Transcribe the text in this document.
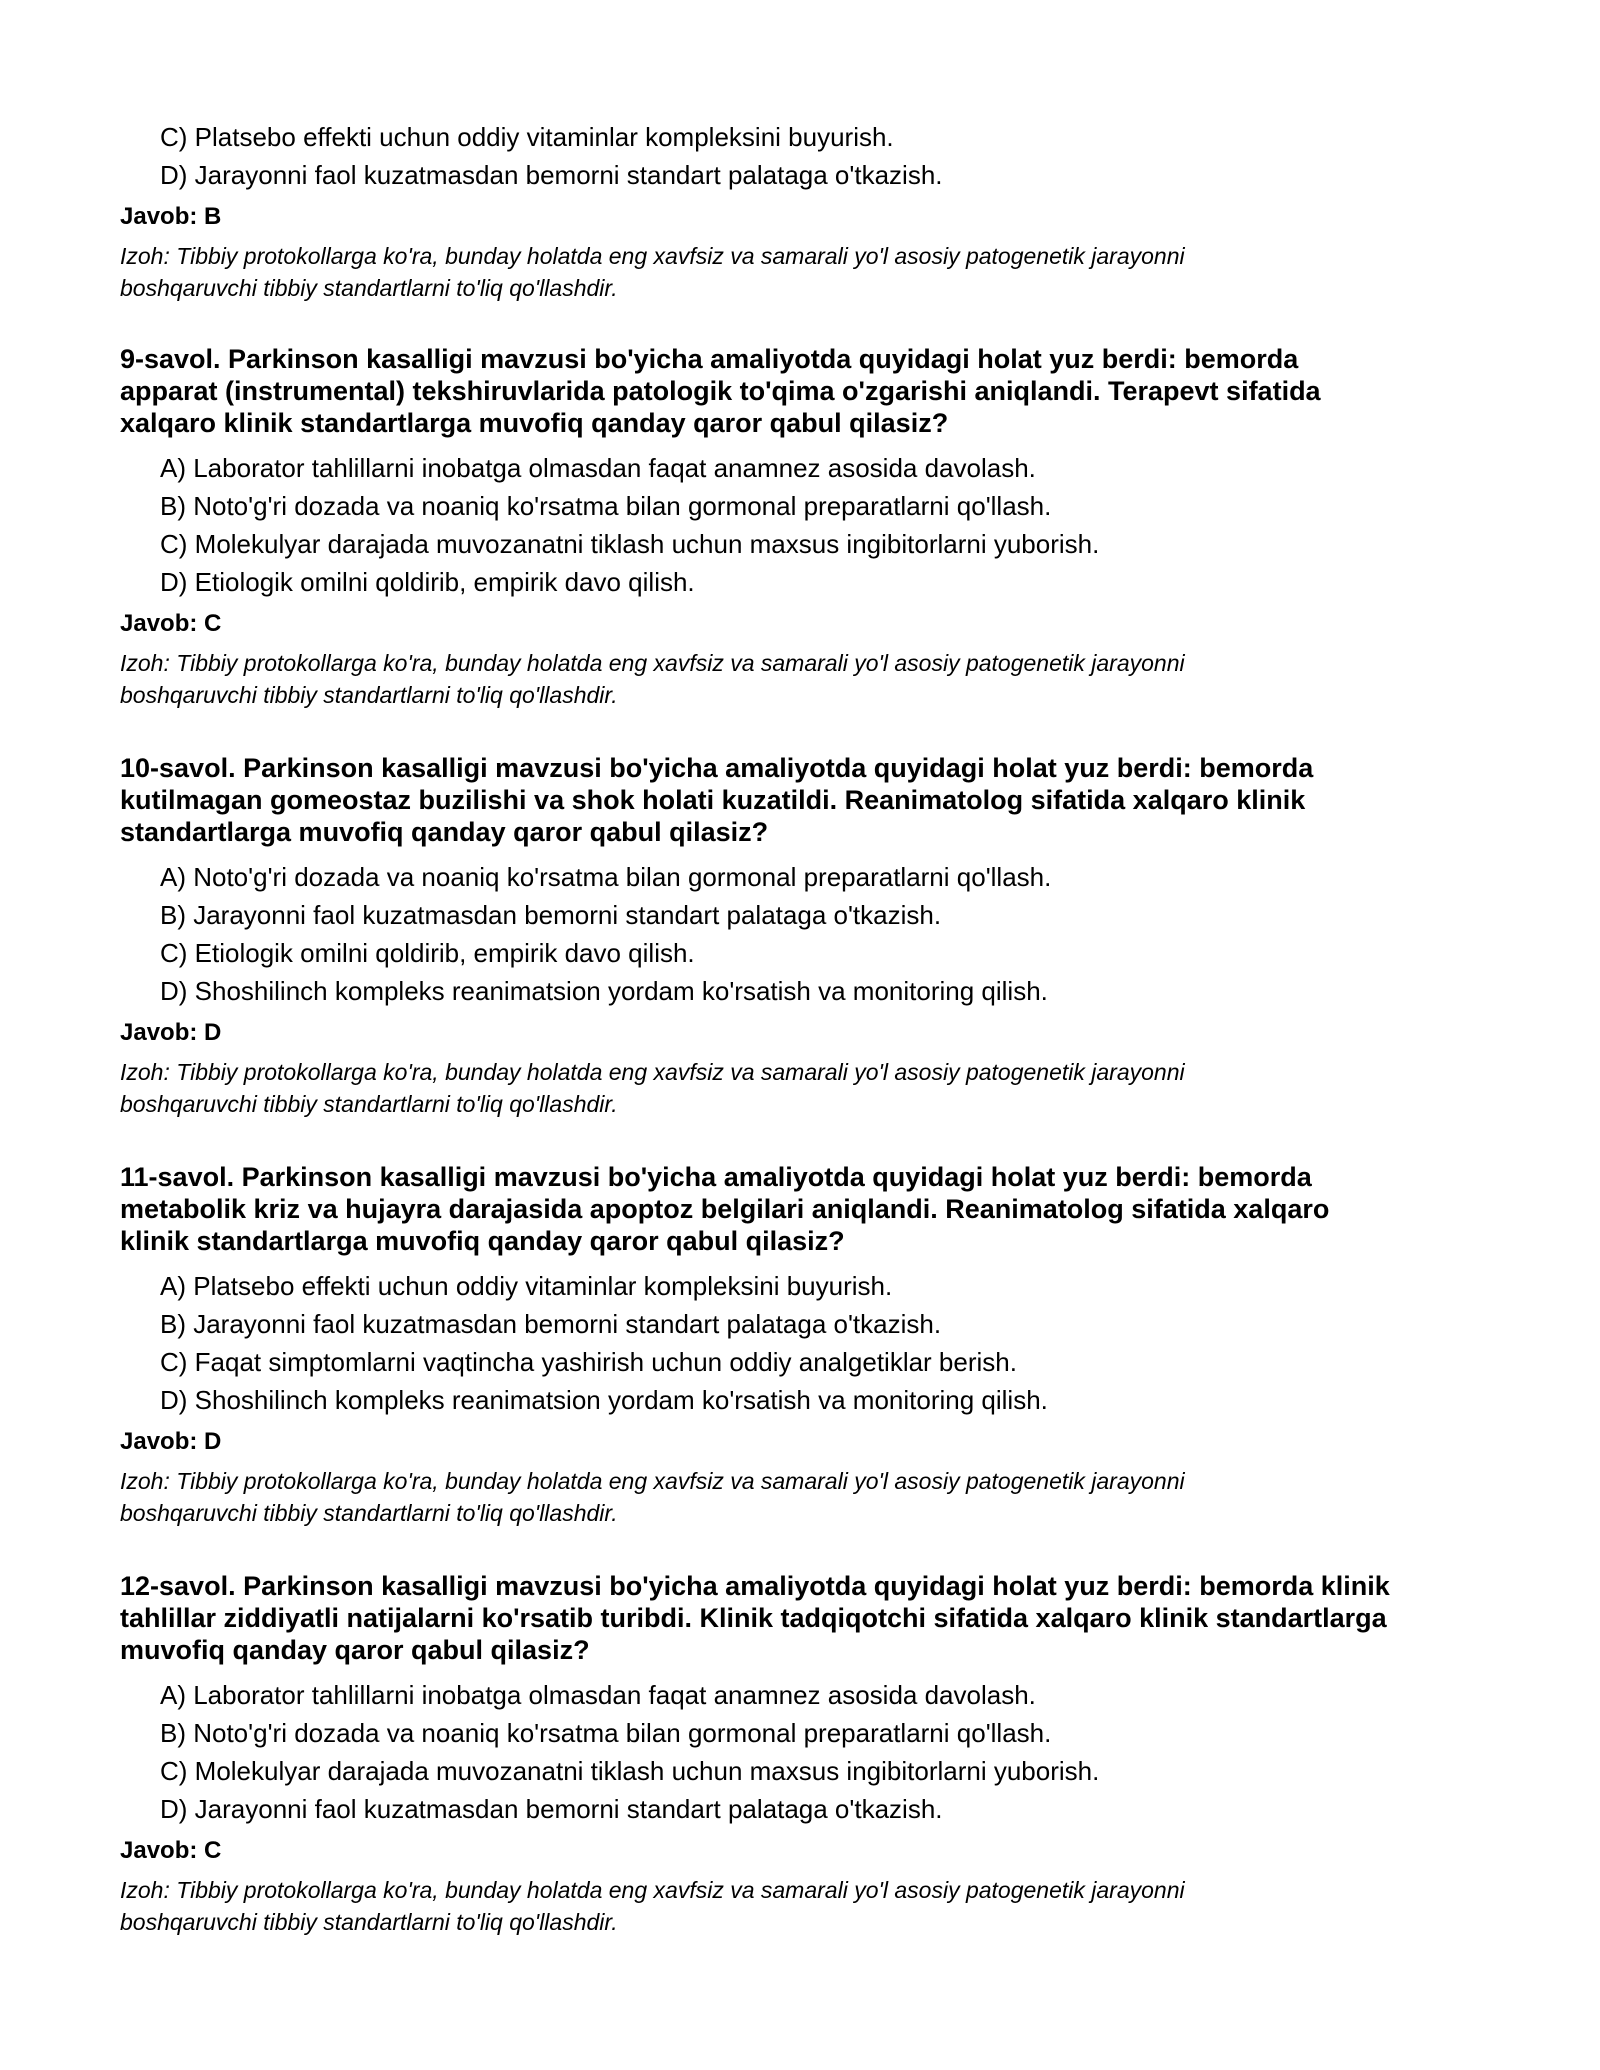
C) Platsebo effekti uchun oddiy vitaminlar kompleksini buyurish.
D) Jarayonni faol kuzatmasdan bemorni standart palataga o'tkazish.
Javob: B
Izoh: Tibbiy protokollarga ko'ra, bunday holatda eng xavfsiz va samarali yo'l asosiy patogenetik jarayonni
boshqaruvchi tibbiy standartlarni to'liq qo'llashdir.
9-savol. Parkinson kasalligi mavzusi bo'yicha amaliyotda quyidagi holat yuz berdi: bemorda
apparat (instrumental) tekshiruvlarida patologik to'qima o'zgarishi aniqlandi. Terapevt sifatida
xalqaro klinik standartlarga muvofiq qanday qaror qabul qilasiz?
A) Laborator tahlillarni inobatga olmasdan faqat anamnez asosida davolash.
B) Noto'g'ri dozada va noaniq ko'rsatma bilan gormonal preparatlarni qo'llash.
C) Molekulyar darajada muvozanatni tiklash uchun maxsus ingibitorlarni yuborish.
D) Etiologik omilni qoldirib, empirik davo qilish.
Javob: C
Izoh: Tibbiy protokollarga ko'ra, bunday holatda eng xavfsiz va samarali yo'l asosiy patogenetik jarayonni
boshqaruvchi tibbiy standartlarni to'liq qo'llashdir.
10-savol. Parkinson kasalligi mavzusi bo'yicha amaliyotda quyidagi holat yuz berdi: bemorda
kutilmagan gomeostaz buzilishi va shok holati kuzatildi. Reanimatolog sifatida xalqaro klinik
standartlarga muvofiq qanday qaror qabul qilasiz?
A) Noto'g'ri dozada va noaniq ko'rsatma bilan gormonal preparatlarni qo'llash.
B) Jarayonni faol kuzatmasdan bemorni standart palataga o'tkazish.
C) Etiologik omilni qoldirib, empirik davo qilish.
D) Shoshilinch kompleks reanimatsion yordam ko'rsatish va monitoring qilish.
Javob: D
Izoh: Tibbiy protokollarga ko'ra, bunday holatda eng xavfsiz va samarali yo'l asosiy patogenetik jarayonni
boshqaruvchi tibbiy standartlarni to'liq qo'llashdir.
11-savol. Parkinson kasalligi mavzusi bo'yicha amaliyotda quyidagi holat yuz berdi: bemorda
metabolik kriz va hujayra darajasida apoptoz belgilari aniqlandi. Reanimatolog sifatida xalqaro
klinik standartlarga muvofiq qanday qaror qabul qilasiz?
A) Platsebo effekti uchun oddiy vitaminlar kompleksini buyurish.
B) Jarayonni faol kuzatmasdan bemorni standart palataga o'tkazish.
C) Faqat simptomlarni vaqtincha yashirish uchun oddiy analgetiklar berish.
D) Shoshilinch kompleks reanimatsion yordam ko'rsatish va monitoring qilish.
Javob: D
Izoh: Tibbiy protokollarga ko'ra, bunday holatda eng xavfsiz va samarali yo'l asosiy patogenetik jarayonni
boshqaruvchi tibbiy standartlarni to'liq qo'llashdir.
12-savol. Parkinson kasalligi mavzusi bo'yicha amaliyotda quyidagi holat yuz berdi: bemorda klinik
tahlillar ziddiyatli natijalarni ko'rsatib turibdi. Klinik tadqiqotchi sifatida xalqaro klinik standartlarga
muvofiq qanday qaror qabul qilasiz?
A) Laborator tahlillarni inobatga olmasdan faqat anamnez asosida davolash.
B) Noto'g'ri dozada va noaniq ko'rsatma bilan gormonal preparatlarni qo'llash.
C) Molekulyar darajada muvozanatni tiklash uchun maxsus ingibitorlarni yuborish.
D) Jarayonni faol kuzatmasdan bemorni standart palataga o'tkazish.
Javob: C
Izoh: Tibbiy protokollarga ko'ra, bunday holatda eng xavfsiz va samarali yo'l asosiy patogenetik jarayonni
boshqaruvchi tibbiy standartlarni to'liq qo'llashdir.
